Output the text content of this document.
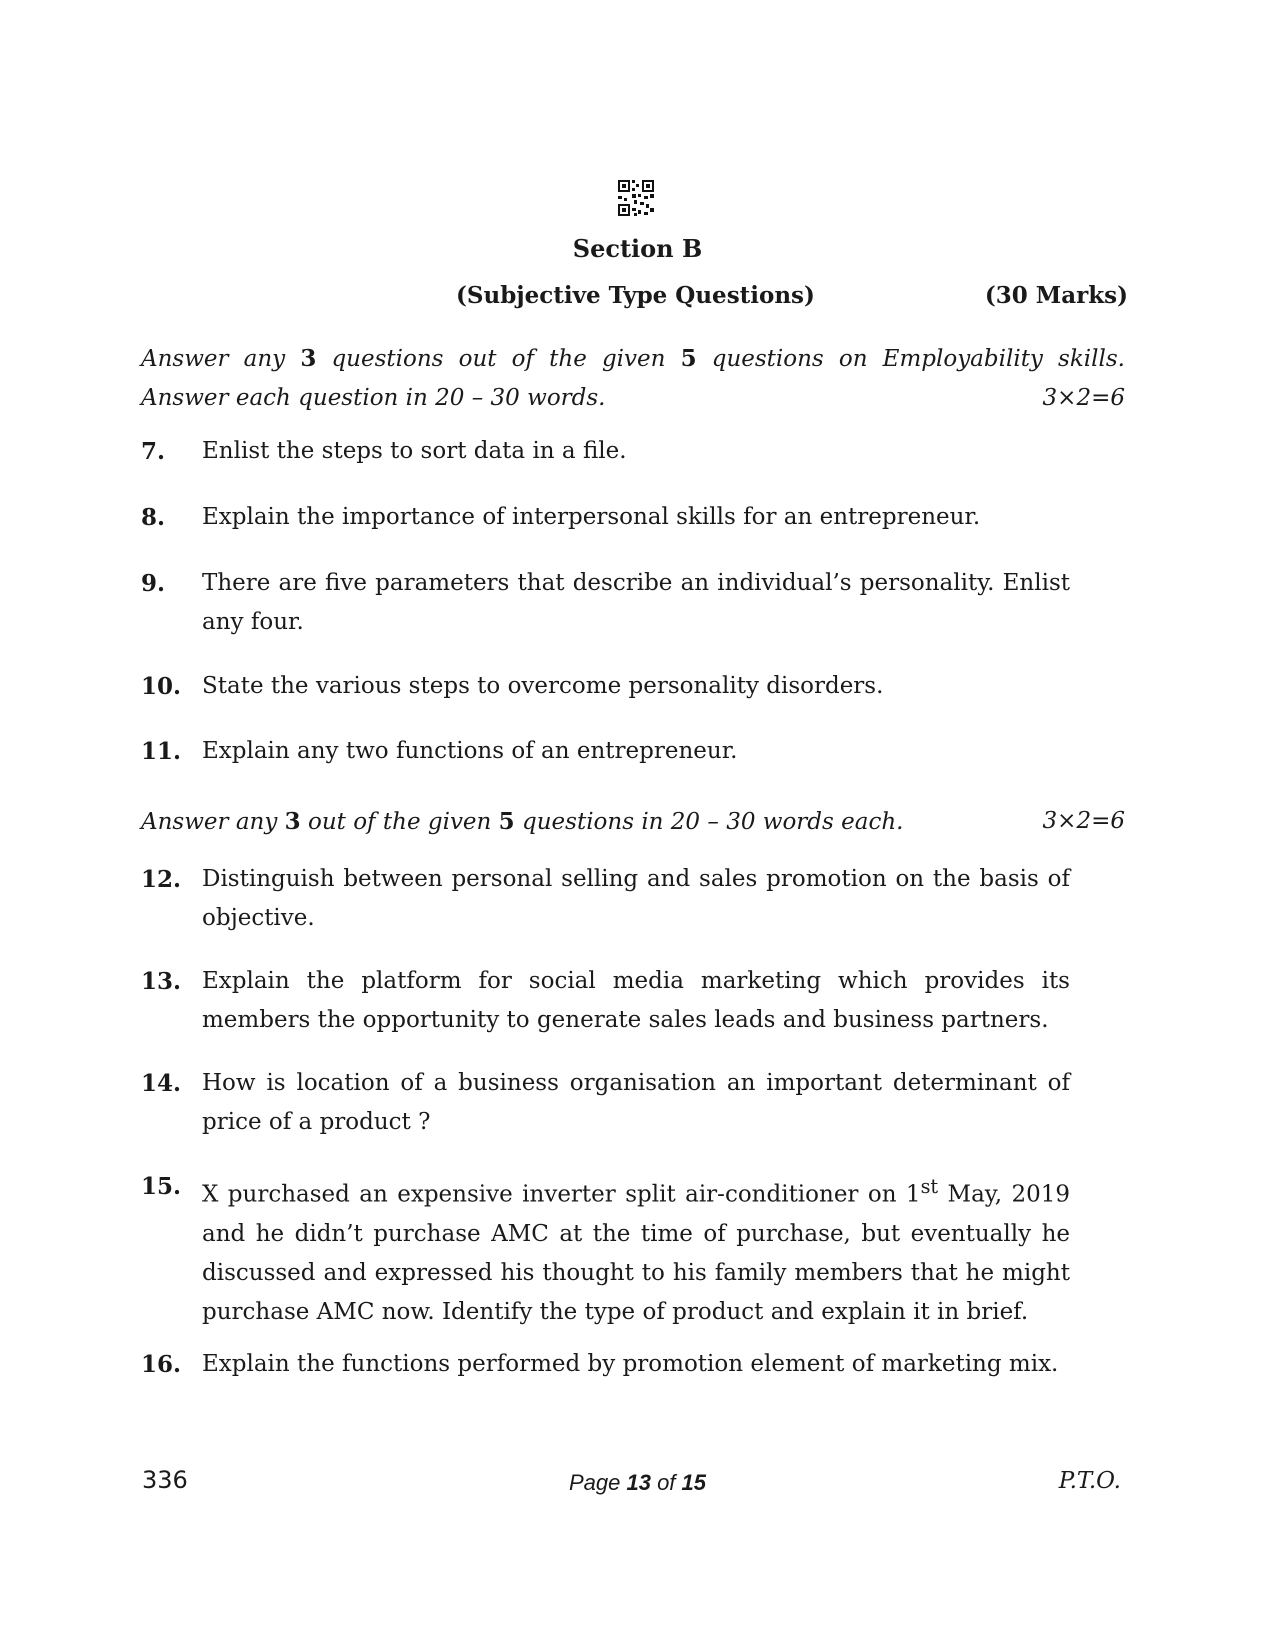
Section B
(Subjective Type Questions)	(30 Marks)
Answer any 3 questions out of the given 5 questions on Employability skills.
Answer each question in 20 – 30 words.	3×2=6
7.	Enlist the steps to sort data in a file.
8.	Explain the importance of interpersonal skills for an entrepreneur.
9.	There are five parameters that describe an individual’s personality. Enlist any four.
10. State the various steps to overcome personality disorders.
11. Explain any two functions of an entrepreneur.
Answer any 3 out of the given 5 questions in 20 – 30 words each.	3×2=6
12. Distinguish between personal selling and sales promotion on the basis of objective.
13. Explain the platform for social media marketing which provides its members the opportunity to generate sales leads and business partners.
14. How is location of a business organisation an important determinant of price of a product ?
15. X purchased an expensive inverter split air-conditioner on 1st May, 2019 and he didn’t purchase AMC at the time of purchase, but eventually he discussed and expressed his thought to his family members that he might purchase AMC now. Identify the type of product and explain it in brief.
16. Explain the functions performed by promotion element of marketing mix.
336	Page 13 of 15	P.T.O.
